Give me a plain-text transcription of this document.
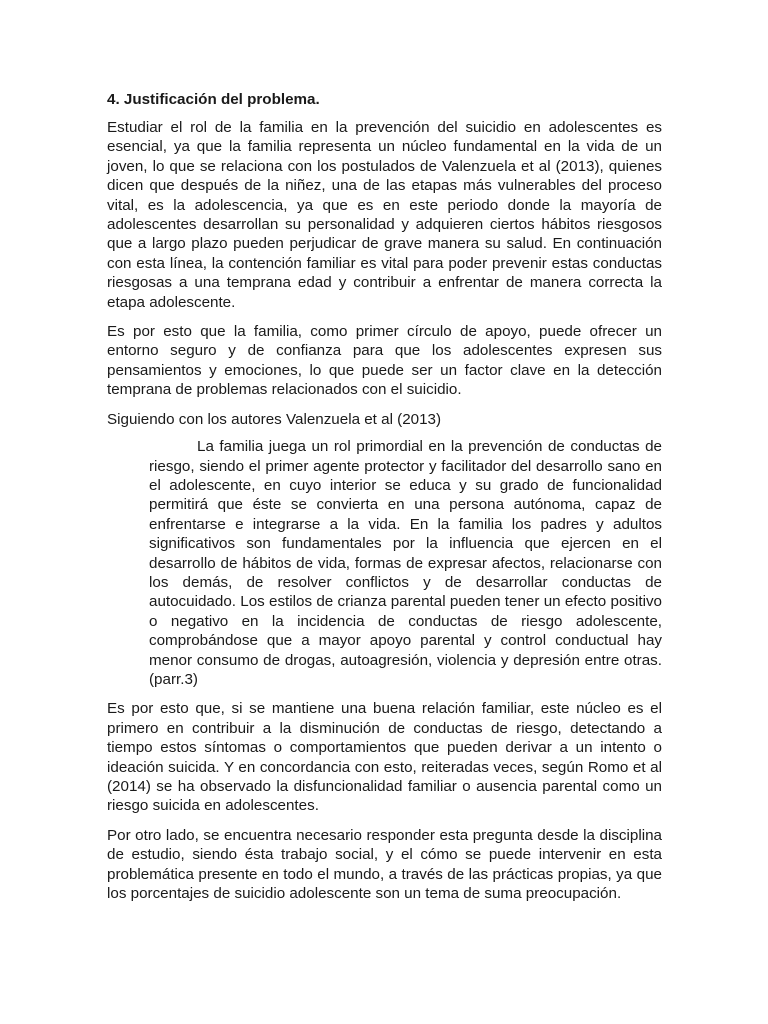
4. Justificación del problema.

Estudiar el rol de la familia en la prevención del suicidio en adolescentes es esencial, ya que la familia representa un núcleo fundamental en la vida de un joven, lo que se relaciona con los postulados de Valenzuela et al (2013), quienes dicen que después de la niñez, una de las etapas más vulnerables del proceso vital, es la adolescencia, ya que es en este periodo donde la mayoría de adolescentes desarrollan su personalidad y adquieren ciertos hábitos riesgosos que a largo plazo pueden perjudicar de grave manera su salud. En continuación con esta línea, la contención familiar es vital para poder prevenir estas conductas riesgosas a una temprana edad y contribuir a enfrentar de manera correcta la etapa adolescente.

Es por esto que la familia, como primer círculo de apoyo, puede ofrecer un entorno seguro y de confianza para que los adolescentes expresen sus pensamientos y emociones, lo que puede ser un factor clave en la detección temprana de problemas relacionados con el suicidio.

Siguiendo con los autores Valenzuela et al (2013)

La familia juega un rol primordial en la prevención de conductas de riesgo, siendo el primer agente protector y facilitador del desarrollo sano en el adolescente, en cuyo interior se educa y su grado de funcionalidad permitirá que éste se convierta en una persona autónoma, capaz de enfrentarse e integrarse a la vida. En la familia los padres y adultos significativos son fundamentales por la influencia que ejercen en el desarrollo de hábitos de vida, formas de expresar afectos, relacionarse con los demás, de resolver conflictos y de desarrollar conductas de autocuidado. Los estilos de crianza parental pueden tener un efecto positivo o negativo en la incidencia de conductas de riesgo adolescente, comprobándose que a mayor apoyo parental y control conductual hay menor consumo de drogas, autoagresión, violencia y depresión entre otras. (parr.3)

Es por esto que, si se mantiene una buena relación familiar, este núcleo es el primero en contribuir a la disminución de conductas de riesgo, detectando a tiempo estos síntomas o comportamientos que pueden derivar a un intento o ideación suicida. Y en concordancia con esto, reiteradas veces, según Romo et al (2014) se ha observado la disfuncionalidad familiar o ausencia parental como un riesgo suicida en adolescentes.

Por otro lado, se encuentra necesario responder esta pregunta desde la disciplina de estudio, siendo ésta trabajo social, y el cómo se puede intervenir en esta problemática presente en todo el mundo, a través de las prácticas propias, ya que los porcentajes de suicidio adolescente son un tema de suma preocupación.
